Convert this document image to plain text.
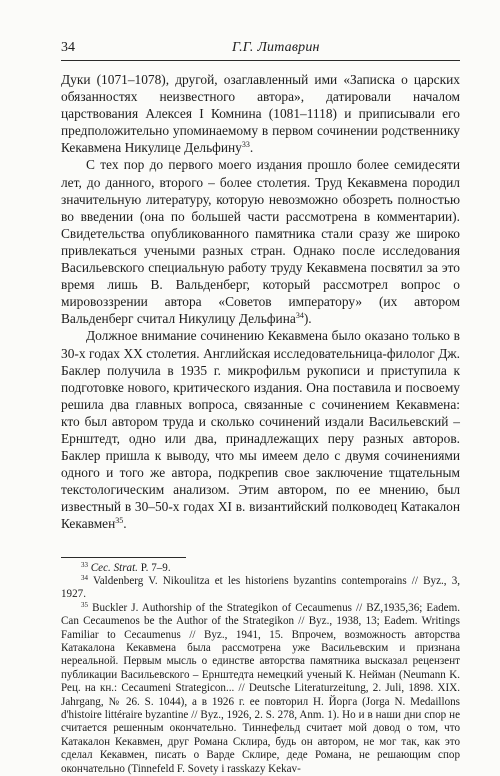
34	Г.Г. Литаврин

Дуки (1071–1078), другой, озаглавленный ими «Записка о царских обязанностях неизвестного автора», датировали началом царствования Алексея I Комнина (1081–1118) и приписывали его предположительно упоминаемому в первом сочинении родственнику Кекавмена Никулице Дельфину$^{33}$.

С тех пор до первого моего издания прошло более семидесяти лет, до данного, второго – более столетия. Труд Кекавмена породил значительную литературу, которую невозможно обозреть полностью во введении (она по большей части рассмотрена в комментарии). Свидетельства опубликованного памятника стали сразу же широко привлекаться учеными разных стран. Однако после исследования Васильевского специальную работу труду Кекавмена посвятил за это время лишь В. Вальденберг, который рассмотрел вопрос о мировоззрении автора «Советов императору» (их автором Вальденберг считал Никулицу Дельфина$^{34}$).

Должное внимание сочинению Кекавмена было оказано только в 30-х годах XX столетия. Английская исследовательница-филолог Дж. Баклер получила в 1935 г. микрофильм рукописи и приступила к подготовке нового, критического издания. Она поставила и посвоему решила два главных вопроса, связанные с сочинением Кекавмена: кто был автором труда и сколько сочинений издали Васильевский – Ернштедт, одно или два, принадлежащих перу разных авторов. Баклер пришла к выводу, что мы имеем дело с двумя сочинениями одного и того же автора, подкрепив свое заключение тщательным текстологическим анализом. Этим автором, по ее мнению, был известный в 30–50-х годах XI в. византийский полководец Катакалон Кекавмен$^{35}$.

$^{33}$ Cec. Strat. P. 7–9.

$^{34}$ Valdenberg V. Nikoulitza et les historiens byzantins contemporains // Byz., 3, 1927.

$^{35}$ Buckler J. Authorship of the Strategikon of Cecaumenus // BZ,1935,36; Eadem. Can Cecaumenos be the Author of the Strategikon // Byz., 1938, 13; Eadem. Writings Familiar to Cecaumenus // Byz., 1941, 15. Впрочем, возможность авторства Катакалона Кекавмена была рассмотрена уже Васильевским и признана нереальной. Первым мысль о единстве авторства памятника высказал рецензент публикации Васильевского – Ернштедта немецкий ученый К. Нейман (Neumann K. Рец. на кн.: Cecaumeni Strategicon... // Deutsche Literaturzeitung, 2. Juli, 1898. XIX. Jahrgang, № 26. S. 1044), а в 1926 г. ее повторил Н. Йорга (Jorga N. Medaillons d'histoire littéraire byzantine // Byz., 1926, 2. S. 278, Anm. 1). Но и в наши дни спор не считается решенным окончательно. Тиннефельд считает мой довод о том, что Катакалон Кекавмен, друг Романа Склира, будь он автором, не мог так, как это сделал Кекавмен, писать о Варде Склире, деде Романа, не решающим спор окончательно (Tinnefeld F. Sovety i rasskazy Kekav-
